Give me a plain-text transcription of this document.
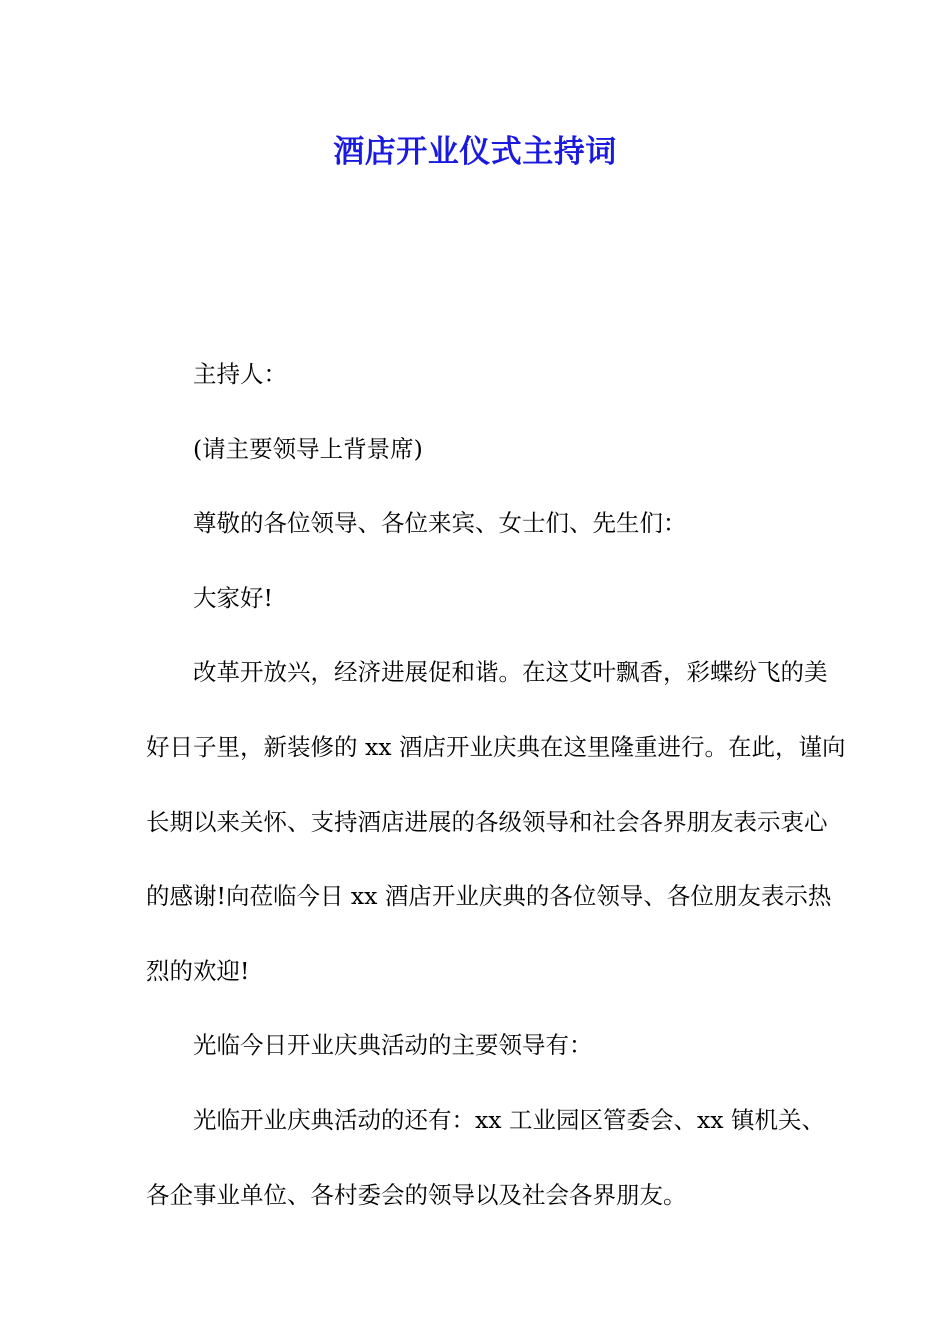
酒店开业仪式主持词

主持人：

(请主要领导上背景席)

尊敬的各位领导、各位来宾、女士们、先生们：

大家好!

改革开放兴，经济进展促和谐。在这艾叶飘香，彩蝶纷飞的美好日子里，新装修的 xx 酒店开业庆典在这里隆重进行。在此，谨向长期以来关怀、支持酒店进展的各级领导和社会各界朋友表示衷心的感谢!向莅临今日 xx 酒店开业庆典的各位领导、各位朋友表示热烈的欢迎!

光临今日开业庆典活动的主要领导有：

光临开业庆典活动的还有：xx 工业园区管委会、xx 镇机关、各企事业单位、各村委会的领导以及社会各界朋友。
